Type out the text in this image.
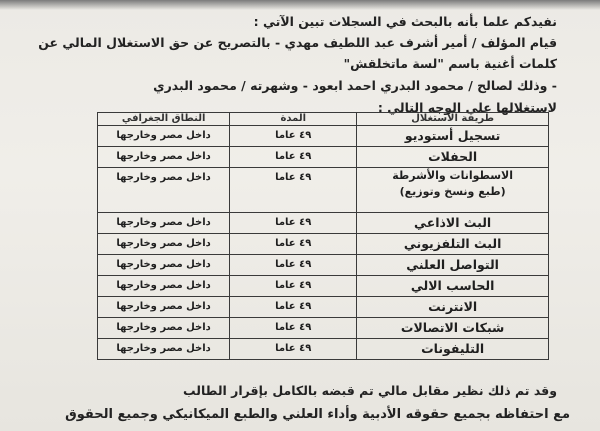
نفيدكم علما بأنه بالبحث في السجلات تبين الآتي :
قيام المؤلف / أمير أشرف عبد اللطيف مهدي - بالتصريح عن حق الاستغلال المالي عن
كلمات أغنية باسم "لسة ماتخلقش"
- وذلك لصالح / محمود البدري احمد ابعود - وشهرته / محمود البدري
لاستغلالها على الوجه التالي :
طريقة الاستغلال	المدة	النطاق الجغرافي
تسجيل أستوديو	٤٩ عاما	داخل مصر وخارجها
الحفلات	٤٩ عاما	داخل مصر وخارجها

الاسطوانات والأشرطة
(طبع ونسخ وتوزيع)	٤٩ عاما	داخل مصر وخارجها
البث الاذاعي	٤٩ عاما	داخل مصر وخارجها
البث التلفزيوني	٤٩ عاما	داخل مصر وخارجها
التواصل العلني	٤٩ عاما	داخل مصر وخارجها
الحاسب الالي	٤٩ عاما	داخل مصر وخارجها
الانترنت	٤٩ عاما	داخل مصر وخارجها
شبكات الاتصالات	٤٩ عاما	داخل مصر وخارجها
التليفونات	٤٩ عاما	داخل مصر وخارجها
وقد تم ذلك نظير مقابل مالي تم قبضه بالكامل بإقرار الطالب
مع احتفاظه بجميع حقوقه الأدبية وأداء العلني والطبع الميكانيكي وجميع الحقوق
